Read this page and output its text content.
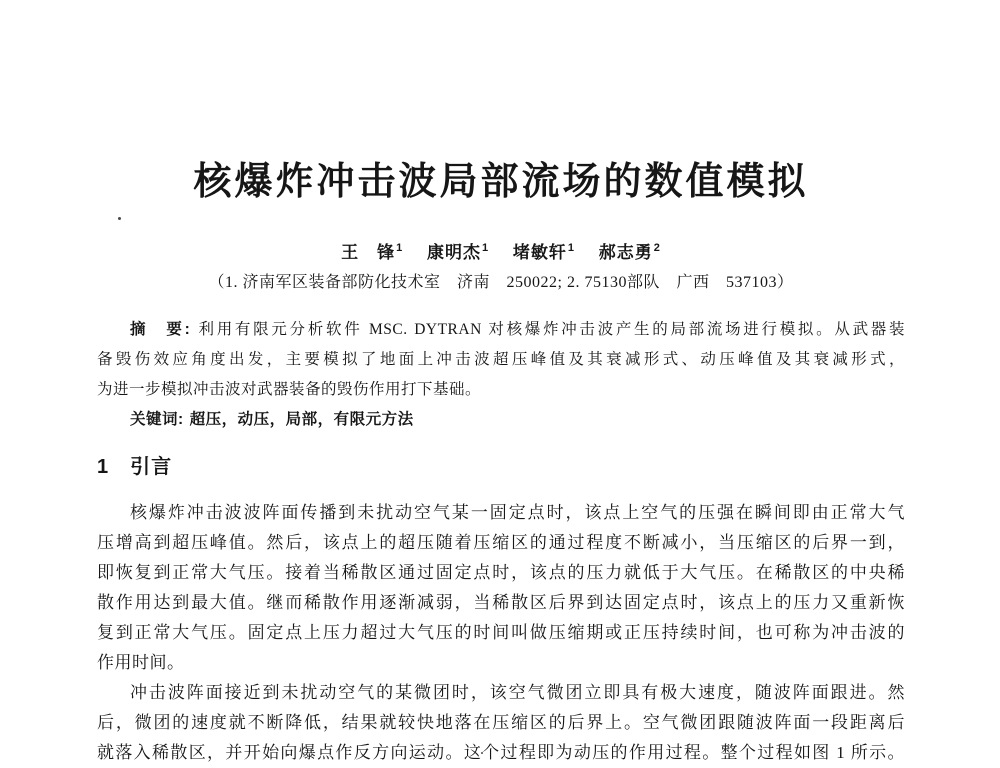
核爆炸冲击波局部流场的数值模拟
王　锋$^1$ 康明杰$^1$ 堵敏轩$^1$ 郝志勇$^2$
（1. 济南军区装备部防化技术室　济南　250022; 2. 75130部队　广西　537103）
摘　要: 利用有限元分析软件 MSC. DYTRAN 对核爆炸冲击波产生的局部流场进行模拟。从武器装
备毁伤效应角度出发，主要模拟了地面上冲击波超压峰值及其衰减形式、动压峰值及其衰减形式，
为进一步模拟冲击波对武器装备的毁伤作用打下基础。
关键词: 超压，动压，局部，有限元方法
1　引言
核爆炸冲击波波阵面传播到未扰动空气某一固定点时，该点上空气的压强在瞬间即由正常大气
压增高到超压峰值。然后，该点上的超压随着压缩区的通过程度不断减小，当压缩区的后界一到，
即恢复到正常大气压。接着当稀散区通过固定点时，该点的压力就低于大气压。在稀散区的中央稀
散作用达到最大值。继而稀散作用逐渐减弱，当稀散区后界到达固定点时，该点上的压力又重新恢
复到正常大气压。固定点上压力超过大气压的时间叫做压缩期或正压持续时间，也可称为冲击波的
作用时间。
冲击波阵面接近到未扰动空气的某微团时，该空气微团立即具有极大速度，随波阵面跟进。然
后，微团的速度就不断降低，结果就较快地落在压缩区的后界上。空气微团跟随波阵面一段距离后
就落入稀散区，并开始向爆点作反方向运动。这个过程即为动压的作用过程。整个过程如图 1 所示。
